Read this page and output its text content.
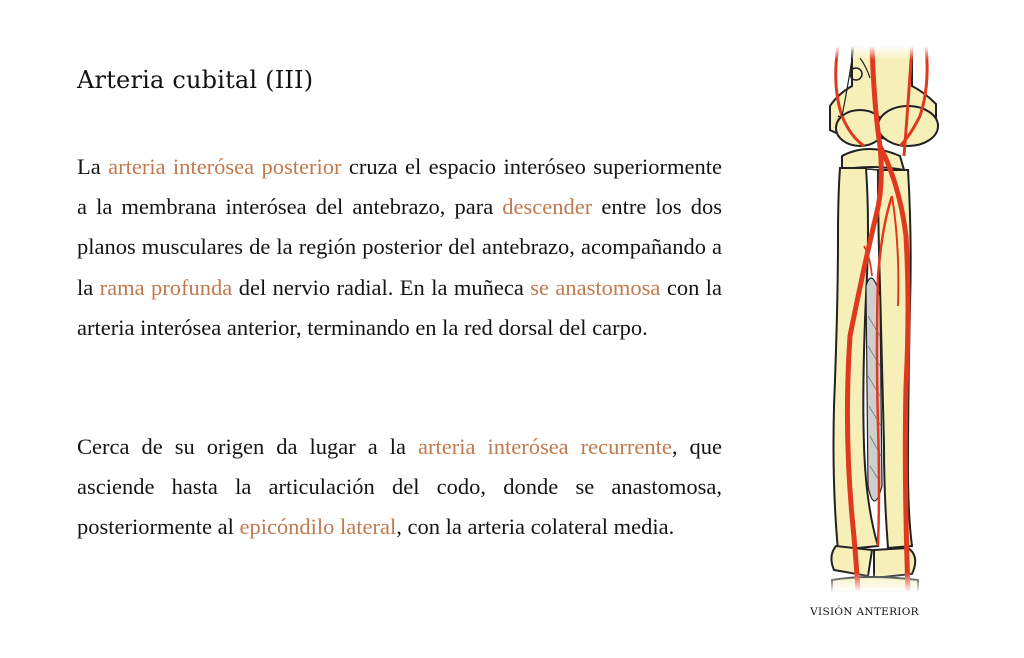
Arteria cubital (III)

La arteria interósea posterior cruza el espacio interóseo superiormente a la membrana interósea del antebrazo, para descender entre los dos planos musculares de la región posterior del antebrazo, acompañando a la rama profunda del nervio radial. En la muñeca se anastomosa con la arteria interósea anterior, terminando en la red dorsal del carpo.

Cerca de su origen da lugar a la arteria interósea recurrente, que asciende hasta la articulación del codo, donde se anastomosa, posteriormente al epicóndilo lateral, con la arteria colateral media.

VISIÓN ANTERIOR
